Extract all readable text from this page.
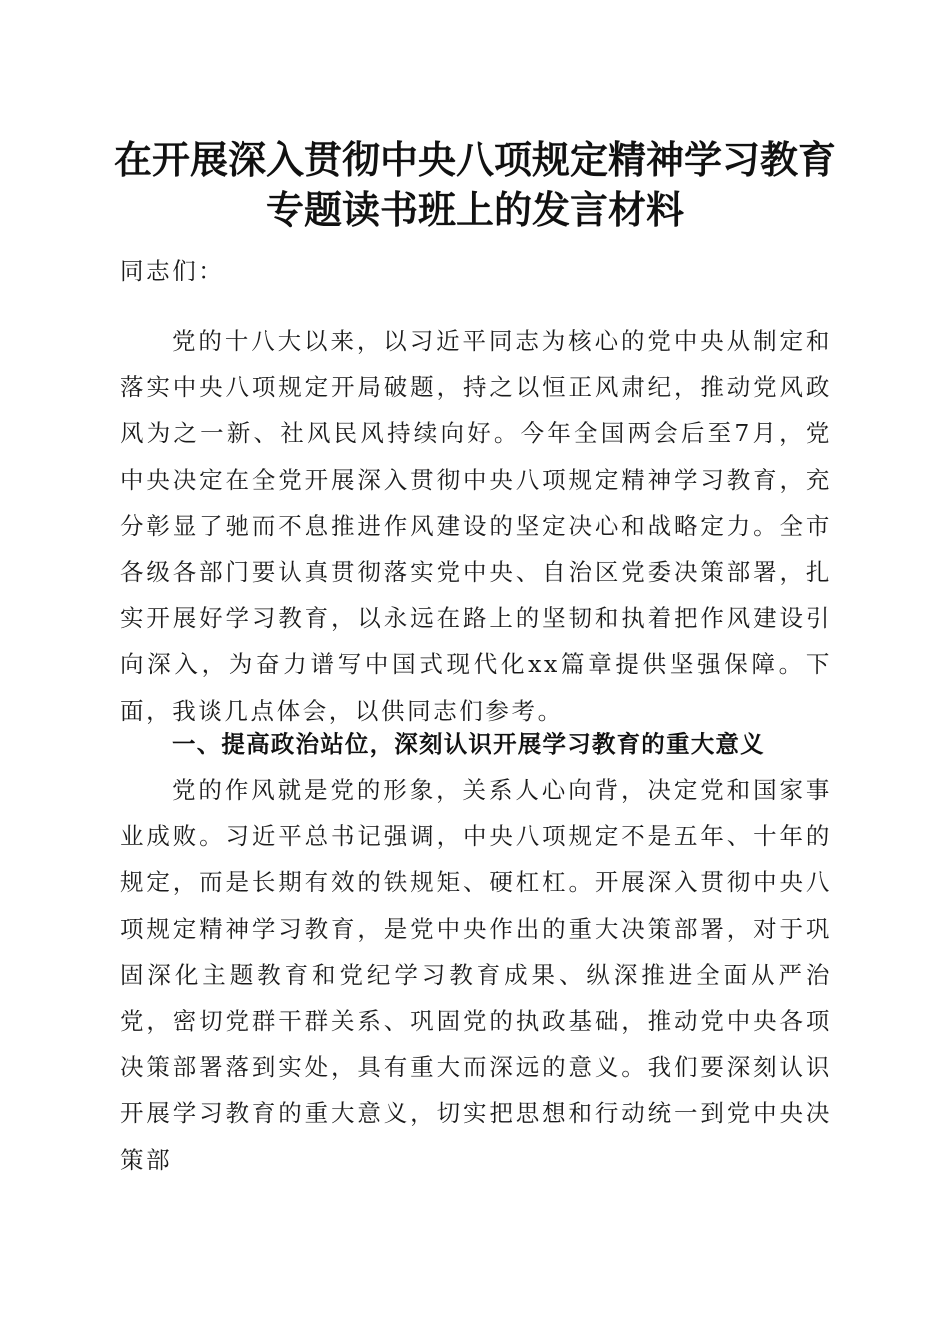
在开展深入贯彻中央八项规定精神学习教育专题读书班上的发言材料

同志们：

党的十八大以来，以习近平同志为核心的党中央从制定和落实中央八项规定开局破题，持之以恒正风肃纪，推动党风政风为之一新、社风民风持续向好。今年全国两会后至7月，党中央决定在全党开展深入贯彻中央八项规定精神学习教育，充分彰显了驰而不息推进作风建设的坚定决心和战略定力。全市各级各部门要认真贯彻落实党中央、自治区党委决策部署，扎实开展好学习教育，以永远在路上的坚韧和执着把作风建设引向深入，为奋力谱写中国式现代化xx篇章提供坚强保障。下面，我谈几点体会，以供同志们参考。

一、提高政治站位，深刻认识开展学习教育的重大意义

党的作风就是党的形象，关系人心向背，决定党和国家事业成败。习近平总书记强调，中央八项规定不是五年、十年的规定，而是长期有效的铁规矩、硬杠杠。开展深入贯彻中央八项规定精神学习教育，是党中央作出的重大决策部署，对于巩固深化主题教育和党纪学习教育成果、纵深推进全面从严治党，密切党群干群关系、巩固党的执政基础，推动党中央各项决策部署落到实处，具有重大而深远的意义。我们要深刻认识开展学习教育的重大意义，切实把思想和行动统一到党中央决策部
